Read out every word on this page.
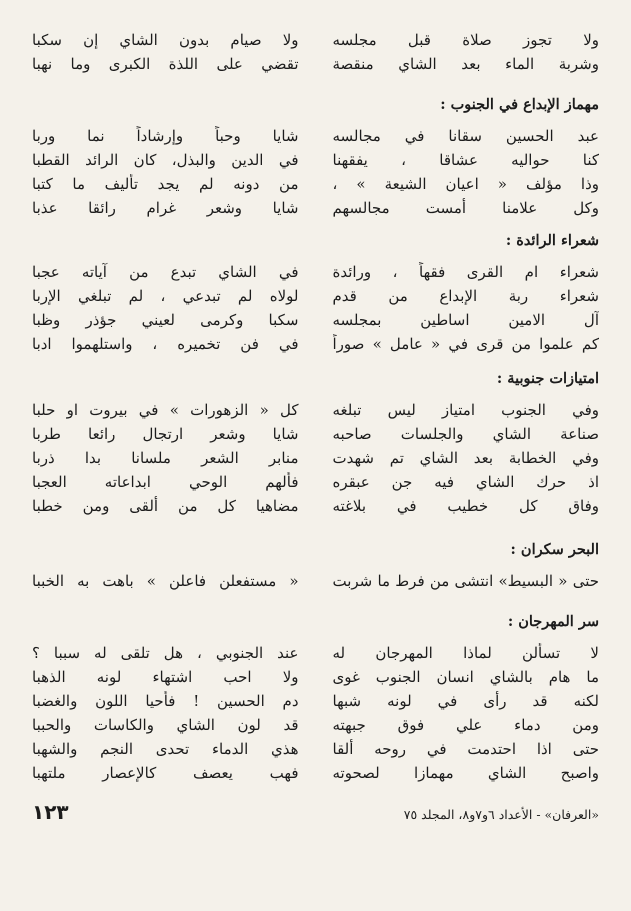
ولا تجوز صلاة قبل مجلسه
ولا صيام بدون الشاي إن سكبا
وشربة الماء بعد الشاي منقصة
تقضي على اللذة الكبرى وما نهبا
مهماز الإبداع في الجنوب :
عبد الحسين سقانا في مجالسه
شايا وحباً وإرشاداً نما وربا
كنا حواليه عشاقا ، يفقهنا
في الدين والبذل، كان الرائد القطبا
وذا مؤلف « اعيان الشيعة » ،
من دونه لم يجد تأليف ما كتبا
وكل علامنا أمست مجالسهم
شايا وشعر غرام رائقا عذبا
شعراء الرائدة :
شعراء ام القرى فقهاً ، ورائدة
في الشاي تبدع من آياته عجبا
شعراء ربة الإبداع من قدم
لولاه لم تبدعي ، لم تبلغي الإربا
آل الامين اساطين بمجلسه
سكبا وكرمى لعيني جؤذر وظبا
كم علموا من قرى في « عامل » صوراً
في فن تخميره ، واستلهموا ادبا
امتيازات جنوبية :
وفي الجنوب امتياز ليس تبلغه
كل « الزهورات » في بيروت او حلبا
صناعة الشاي والجلسات صاحبه
شايا وشعر ارتجال رائعا طربا
وفي الخطابة بعد الشاي تم شهدت
منابر الشعر ملسانا بدا ذربا
اذ حرك الشاي فيه جن عبقره
فألهم الوحي ابداعاته العجبا
وفاق كل خطيب في بلاغته
مضاهيا كل من ألقى ومن خطبا
البحر سكران :
حتى « البسيط» انتشى من فرط ما شربت
« مستفعلن فاعلن » باهت به الخببا
سر المهرجان :
لا تسألن لماذا المهرجان له
عند الجنوبي ، هل تلقى له سببا ؟
ما هام بالشاي انسان الجنوب غوى
ولا احب اشتهاء لونه الذهبا
لكنه قد رأى في لونه شبها
دم الحسين ! فأحيا اللون والغضبا
ومن دماء علي فوق جبهته
قد لون الشاي والكاسات والحببا
حتى اذا احتدمت في روحه ألقا
هذي الدماء تحدى النجم والشهبا
واصبح الشاي مهمازا لصحوته
فهب يعصف كالإعصار ملتهبا
«العرفان» - الأعداد ٦و٧و٨، المجلد ٧٥
١٢٣
